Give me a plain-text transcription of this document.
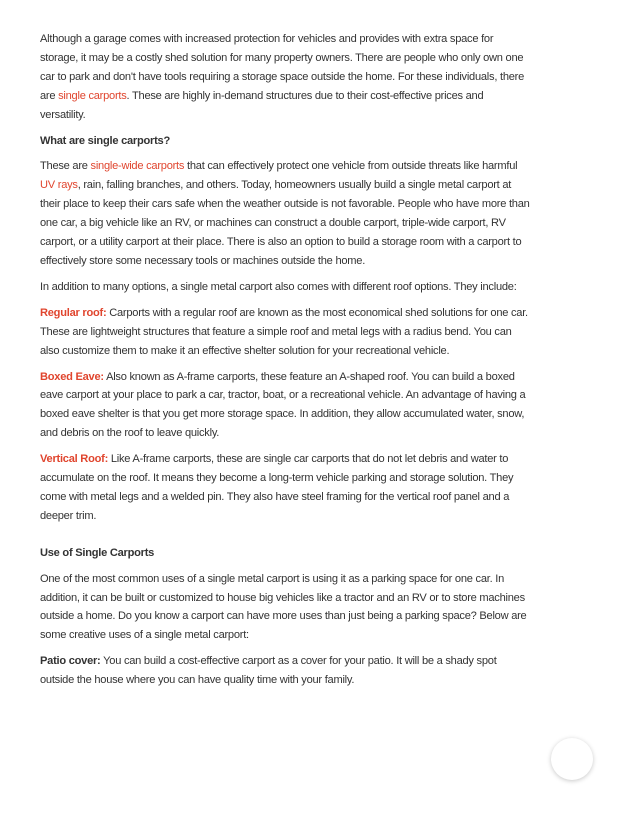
Although a garage comes with increased protection for vehicles and provides with extra space for storage, it may be a costly shed solution for many property owners. There are people who only own one car to park and don't have tools requiring a storage space outside the home. For these individuals, there are single carports. These are highly in-demand structures due to their cost-effective prices and versatility.

What are single carports?

These are single-wide carports that can effectively protect one vehicle from outside threats like harmful UV rays, rain, falling branches, and others. Today, homeowners usually build a single metal carport at their place to keep their cars safe when the weather outside is not favorable. People who have more than one car, a big vehicle like an RV, or machines can construct a double carport, triple-wide carport, RV carport, or a utility carport at their place. There is also an option to build a storage room with a carport to effectively store some necessary tools or machines outside the home.

In addition to many options, a single metal carport also comes with different roof options. They include:

Regular roof: Carports with a regular roof are known as the most economical shed solutions for one car. These are lightweight structures that feature a simple roof and metal legs with a radius bend. You can also customize them to make it an effective shelter solution for your recreational vehicle.

Boxed Eave: Also known as A-frame carports, these feature an A-shaped roof. You can build a boxed eave carport at your place to park a car, tractor, boat, or a recreational vehicle. An advantage of having a boxed eave shelter is that you get more storage space. In addition, they allow accumulated water, snow, and debris on the roof to leave quickly.

Vertical Roof: Like A-frame carports, these are single car carports that do not let debris and water to accumulate on the roof. It means they become a long-term vehicle parking and storage solution. They come with metal legs and a welded pin. They also have steel framing for the vertical roof panel and a deeper trim.

Use of Single Carports

One of the most common uses of a single metal carport is using it as a parking space for one car. In addition, it can be built or customized to house big vehicles like a tractor and an RV or to store machines outside a home. Do you know a carport can have more uses than just being a parking space? Below are some creative uses of a single metal carport:

Patio cover: You can build a cost-effective carport as a cover for your patio. It will be a shady spot outside the house where you can have quality time with your family.
